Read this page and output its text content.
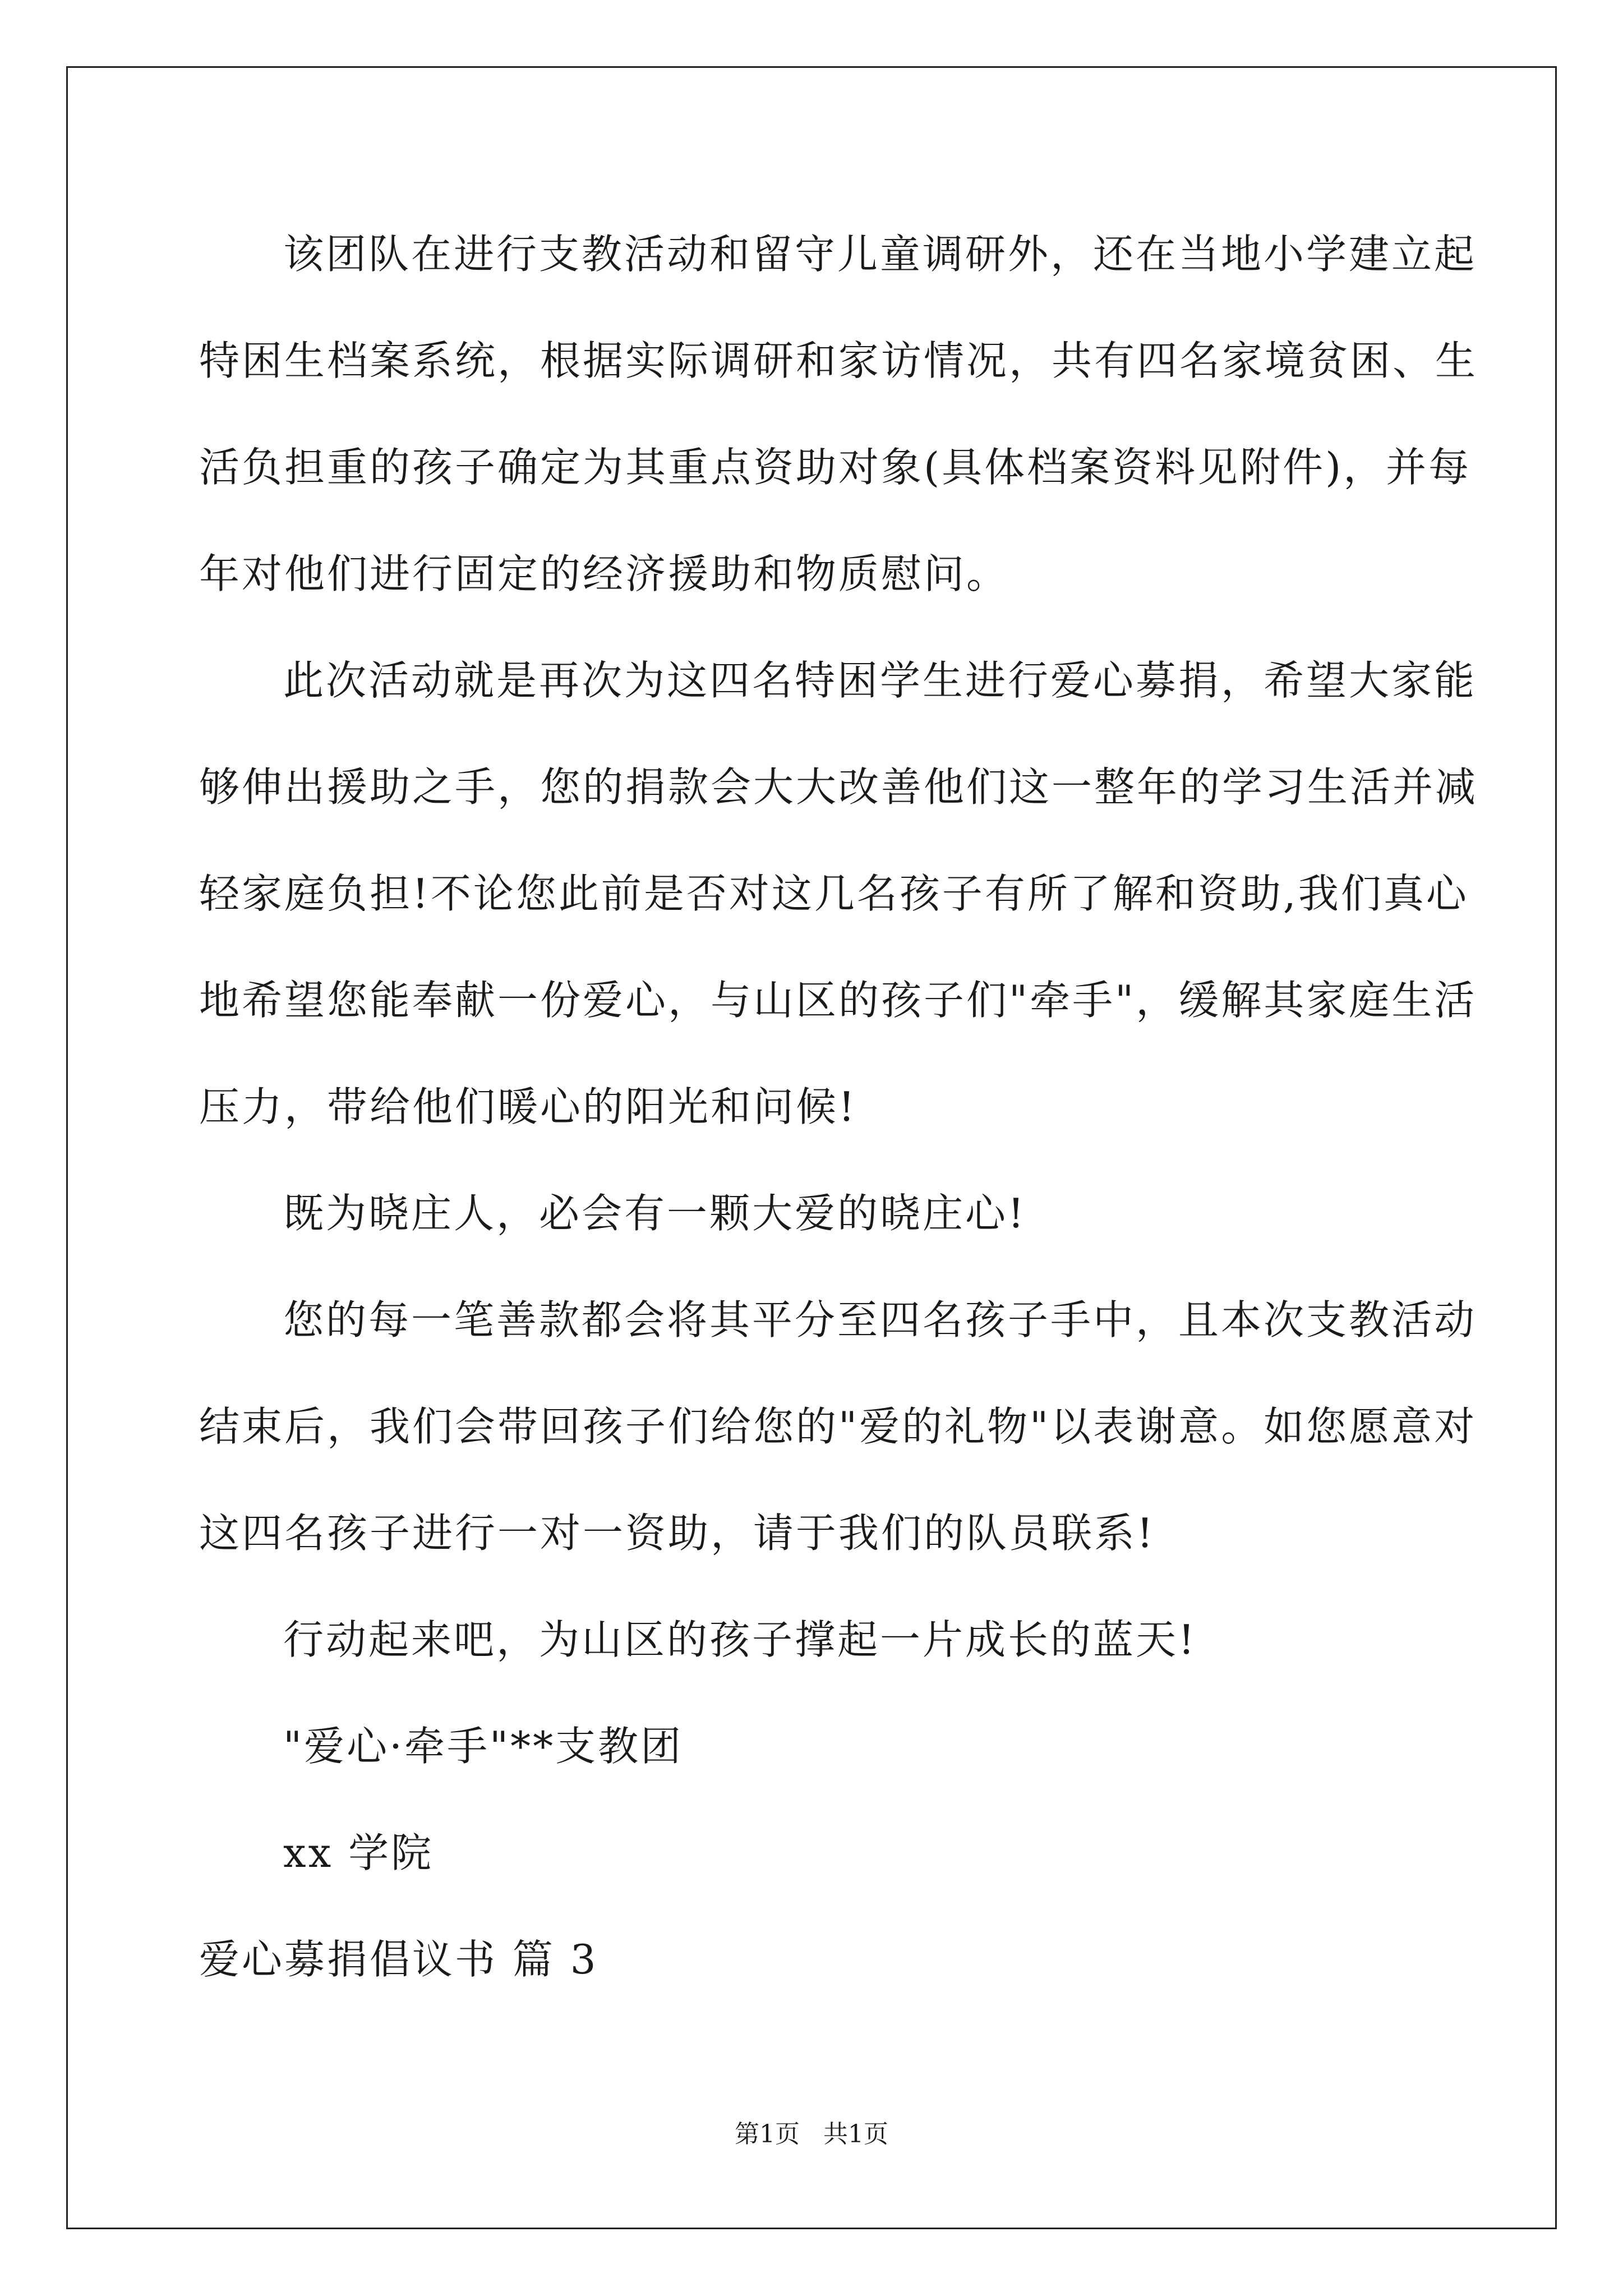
该团队在进行支教活动和留守儿童调研外，还在当地小学建立起
特困生档案系统，根据实际调研和家访情况，共有四名家境贫困、生
活负担重的孩子确定为其重点资助对象(具体档案资料见附件)，并每
年对他们进行固定的经济援助和物质慰问。
此次活动就是再次为这四名特困学生进行爱心募捐，希望大家能
够伸出援助之手，您的捐款会大大改善他们这一整年的学习生活并减
轻家庭负担!不论您此前是否对这几名孩子有所了解和资助,我们真心
地希望您能奉献一份爱心，与山区的孩子们"牵手"，缓解其家庭生活
压力，带给他们暖心的阳光和问候!
既为晓庄人，必会有一颗大爱的晓庄心!
您的每一笔善款都会将其平分至四名孩子手中，且本次支教活动
结束后，我们会带回孩子们给您的"爱的礼物"以表谢意。如您愿意对
这四名孩子进行一对一资助，请于我们的队员联系!
行动起来吧，为山区的孩子撑起一片成长的蓝天!
"爱心·牵手"**支教团
xx 学院
爱心募捐倡议书 篇 3
第1页   共1页
